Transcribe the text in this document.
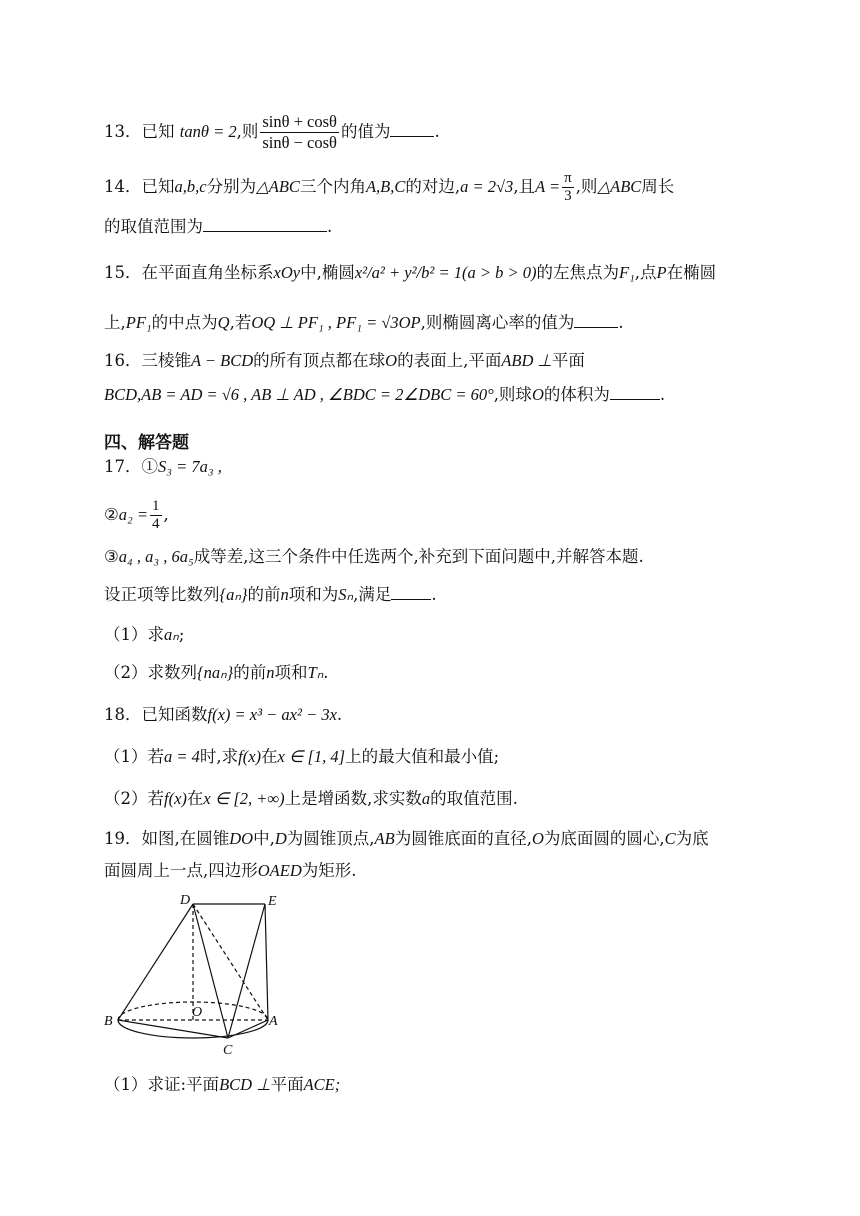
13．已知 tanθ = 2,则 $\frac{\sin\theta + \cos\theta}{\sin\theta - \cos\theta}$ 的值为	.
14．已知a,b,c分别为△ABC三个内角A,B,C的对边,a = 2√3,且$A = \frac{\pi}{3}$ ,则△ABC周长
的取值范围为	.
15．在平面直角坐标系xOy中,椭圆x²/a² + y²/b² = 1(a > b > 0)的左焦点为F₁,点P在椭圆
上,PF₁的中点为Q,若OQ ⊥ PF₁ , PF₁ = √3OP,则椭圆离心率的值为	.
16．三棱锥A − BCD的所有顶点都在球O的表面上,平面ABD ⊥平面
BCD,AB = AD = √6 , AB ⊥ AD , ∠BDC = 2∠DBC = 60°,则球O的体积为	.
四、解答题
17．①S₃ = 7a₃ ,
②a₂ = $\frac{1}{4}$ ,
③a₄ , a₃ , 6a₅成等差,这三个条件中任选两个,补充到下面问题中,并解答本题.
设正项等比数列{aₙ}的前n项和为Sₙ,满足 .
（1）求aₙ;
（2）求数列{naₙ}的前n项和Tₙ.
18．已知函数f(x) = x³ − ax² − 3x.
（1）若a = 4时,求f(x)在x ∈ [1, 4]上的最大值和最小值;
（2）若f(x)在x ∈ [2, +∞)上是增函数,求实数a的取值范围.
19．如图,在圆锥DO中,D为圆锥顶点,AB为圆锥底面的直径,O为底面圆的圆心,C为底
面圆周上一点,四边形OAED为矩形.
D	E
O
B	A
C
（1）求证:平面BCD ⊥平面ACE;
